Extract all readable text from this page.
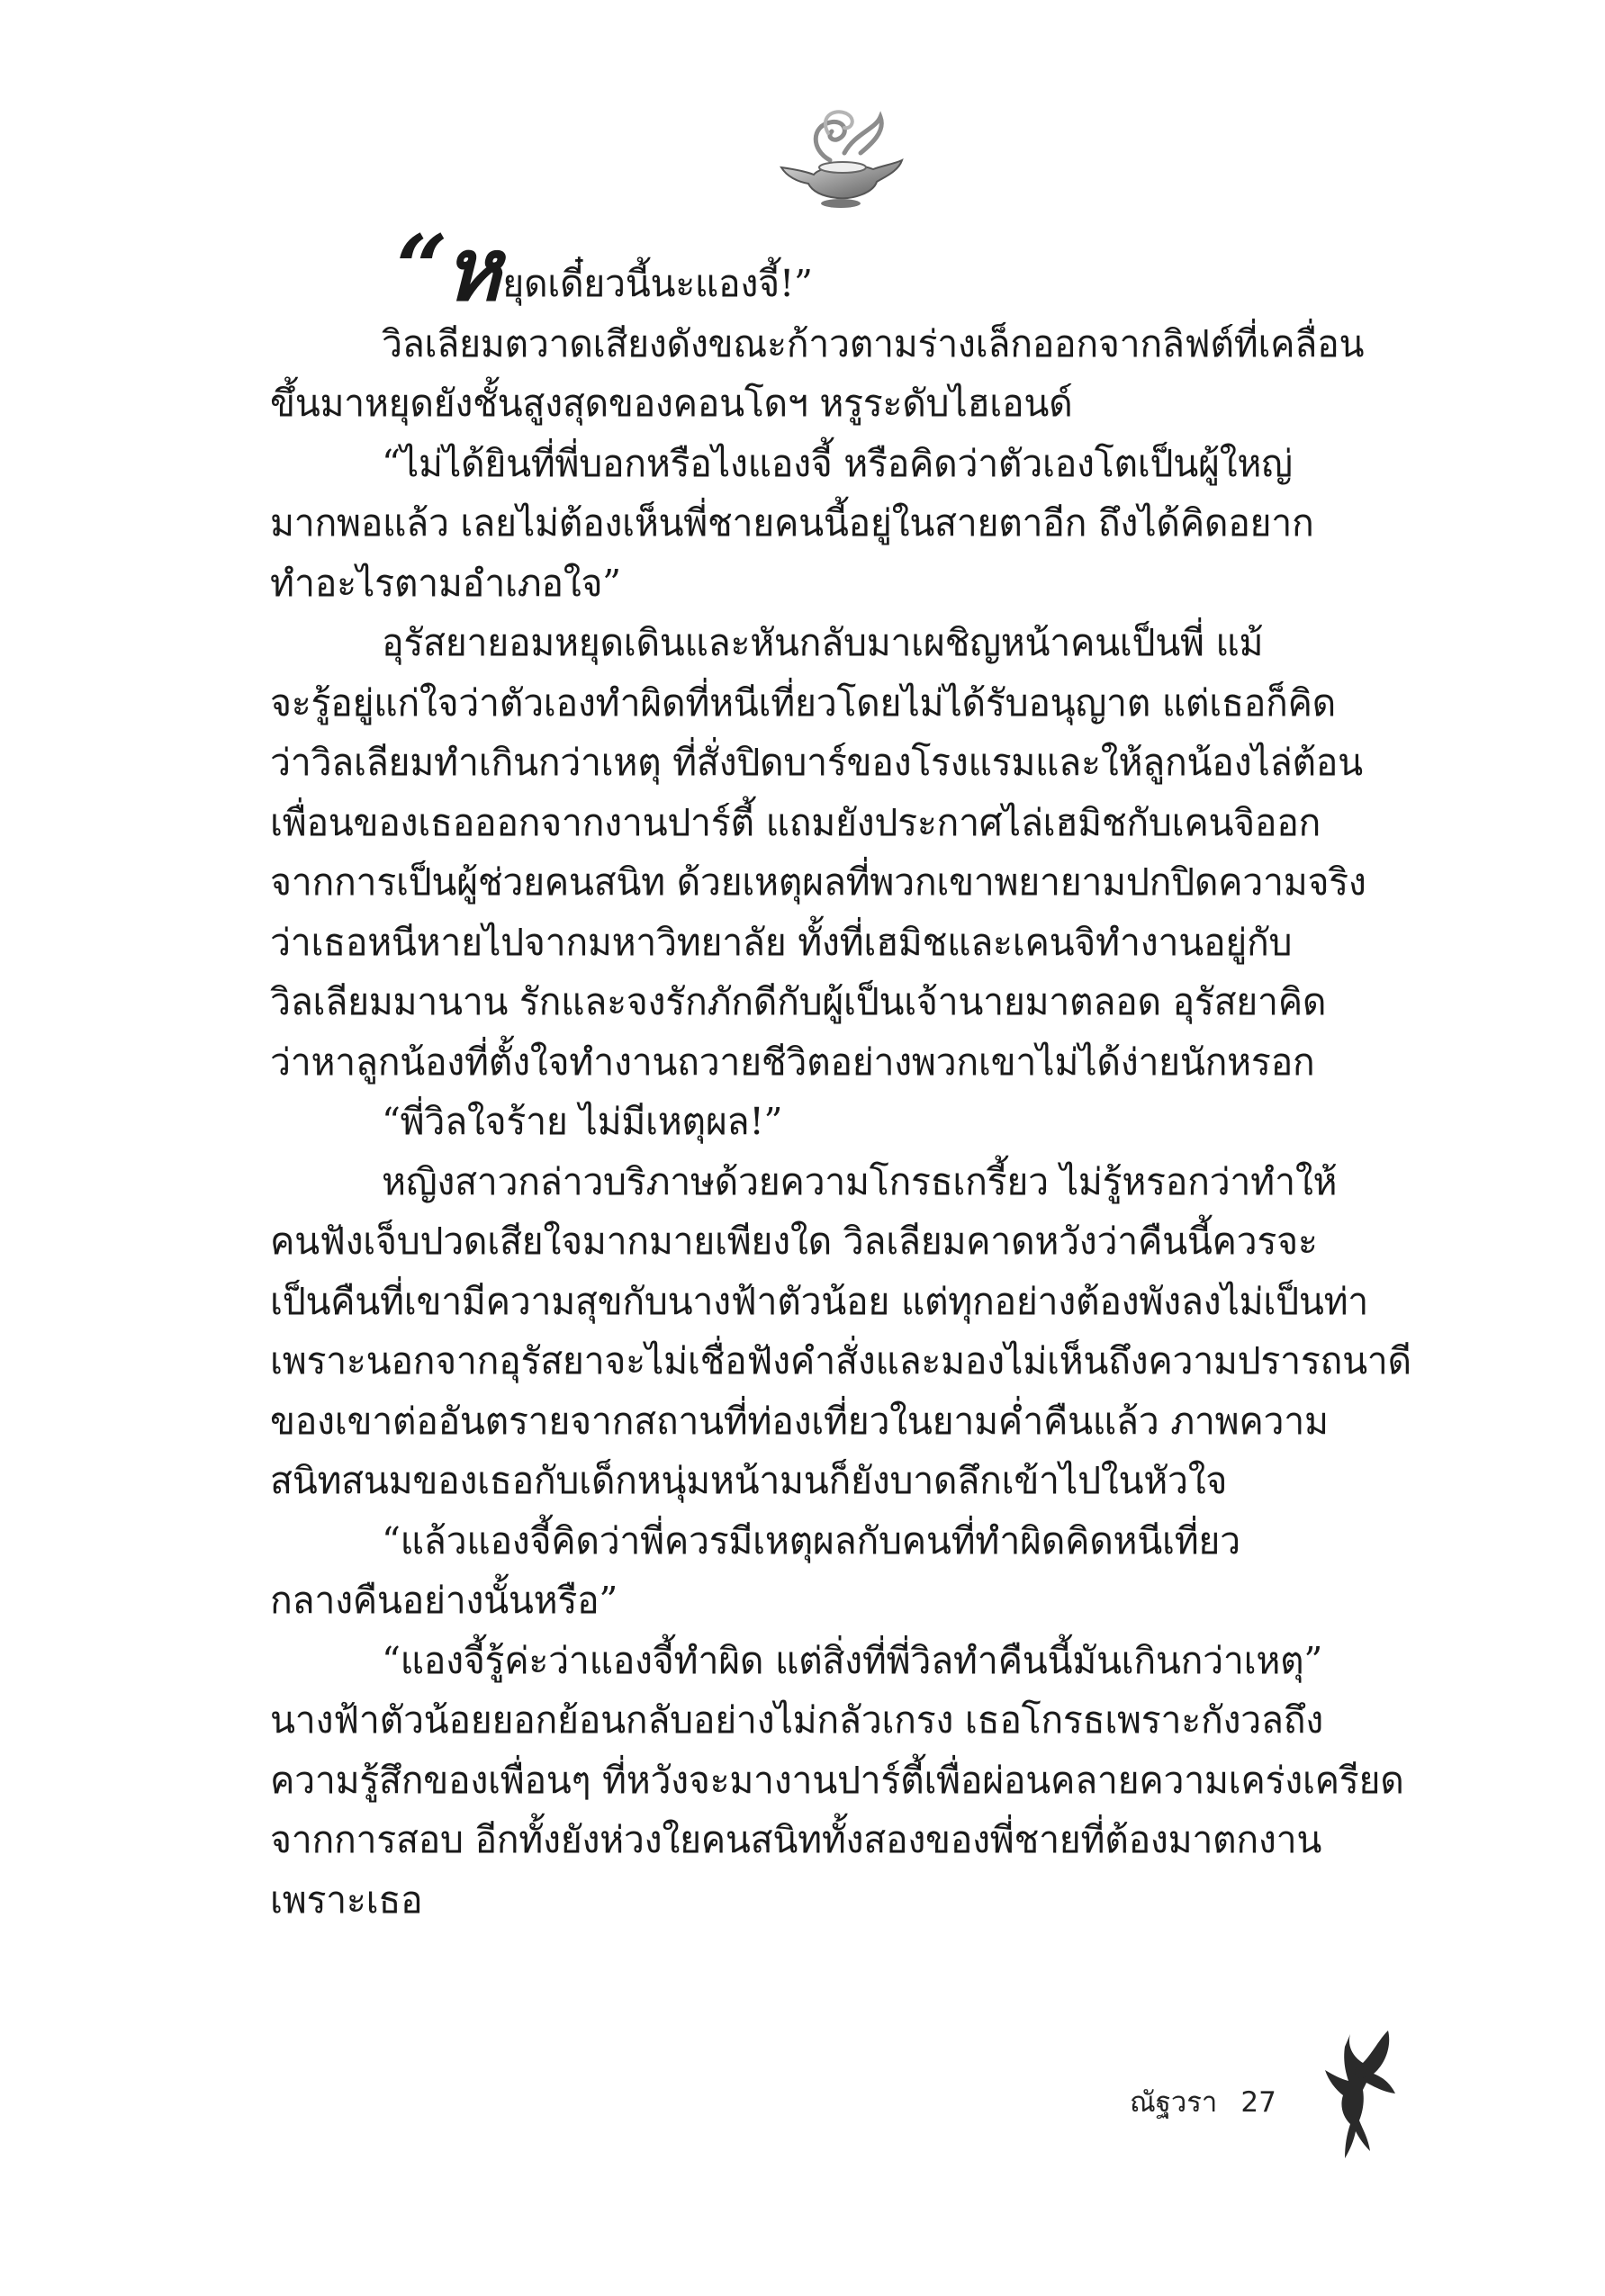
“หยุดเดี๋ยวนี้นะแองจี้!”
วิลเลียมตวาดเสียงดังขณะก้าวตามร่างเล็กออกจากลิฟต์ที่เคลื่อน
ขึ้นมาหยุดยังชั้นสูงสุดของคอนโดฯ หรูระดับไฮเอนด์
“ไม่ได้ยินที่พี่บอกหรือไงแองจี้ หรือคิดว่าตัวเองโตเป็นผู้ใหญ่
มากพอแล้ว เลยไม่ต้องเห็นพี่ชายคนนี้อยู่ในสายตาอีก ถึงได้คิดอยาก
ทำอะไรตามอำเภอใจ”
อุรัสยายอมหยุดเดินและหันกลับมาเผชิญหน้าคนเป็นพี่ แม้
จะรู้อยู่แก่ใจว่าตัวเองทำผิดที่หนีเที่ยวโดยไม่ได้รับอนุญาต แต่เธอก็คิด
ว่าวิลเลียมทำเกินกว่าเหตุ ที่สั่งปิดบาร์ของโรงแรมและให้ลูกน้องไล่ต้อน
เพื่อนของเธอออกจากงานปาร์ตี้ แถมยังประกาศไล่เฮมิชกับเคนจิออก
จากการเป็นผู้ช่วยคนสนิท ด้วยเหตุผลที่พวกเขาพยายามปกปิดความจริง
ว่าเธอหนีหายไปจากมหาวิทยาลัย ทั้งที่เฮมิชและเคนจิทำงานอยู่กับ
วิลเลียมมานาน รักและจงรักภักดีกับผู้เป็นเจ้านายมาตลอด อุรัสยาคิด
ว่าหาลูกน้องที่ตั้งใจทำงานถวายชีวิตอย่างพวกเขาไม่ได้ง่ายนักหรอก
“พี่วิลใจร้าย ไม่มีเหตุผล!”
หญิงสาวกล่าวบริภาษด้วยความโกรธเกรี้ยว ไม่รู้หรอกว่าทำให้
คนฟังเจ็บปวดเสียใจมากมายเพียงใด วิลเลียมคาดหวังว่าคืนนี้ควรจะ
เป็นคืนที่เขามีความสุขกับนางฟ้าตัวน้อย แต่ทุกอย่างต้องพังลงไม่เป็นท่า
เพราะนอกจากอุรัสยาจะไม่เชื่อฟังคำสั่งและมองไม่เห็นถึงความปรารถนาดี
ของเขาต่ออันตรายจากสถานที่ท่องเที่ยวในยามค่ำคืนแล้ว ภาพความ
สนิทสนมของเธอกับเด็กหนุ่มหน้ามนก็ยังบาดลึกเข้าไปในหัวใจ
“แล้วแองจี้คิดว่าพี่ควรมีเหตุผลกับคนที่ทำผิดคิดหนีเที่ยว
กลางคืนอย่างนั้นหรือ”
“แองจี้รู้ค่ะว่าแองจี้ทำผิด แต่สิ่งที่พี่วิลทำคืนนี้มันเกินกว่าเหตุ”
นางฟ้าตัวน้อยยอกย้อนกลับอย่างไม่กลัวเกรง เธอโกรธเพราะกังวลถึง
ความรู้สึกของเพื่อนๆ ที่หวังจะมางานปาร์ตี้เพื่อผ่อนคลายความเคร่งเครียด
จากการสอบ อีกทั้งยังห่วงใยคนสนิททั้งสองของพี่ชายที่ต้องมาตกงาน
เพราะเธอ
ณัฐวรา 27
